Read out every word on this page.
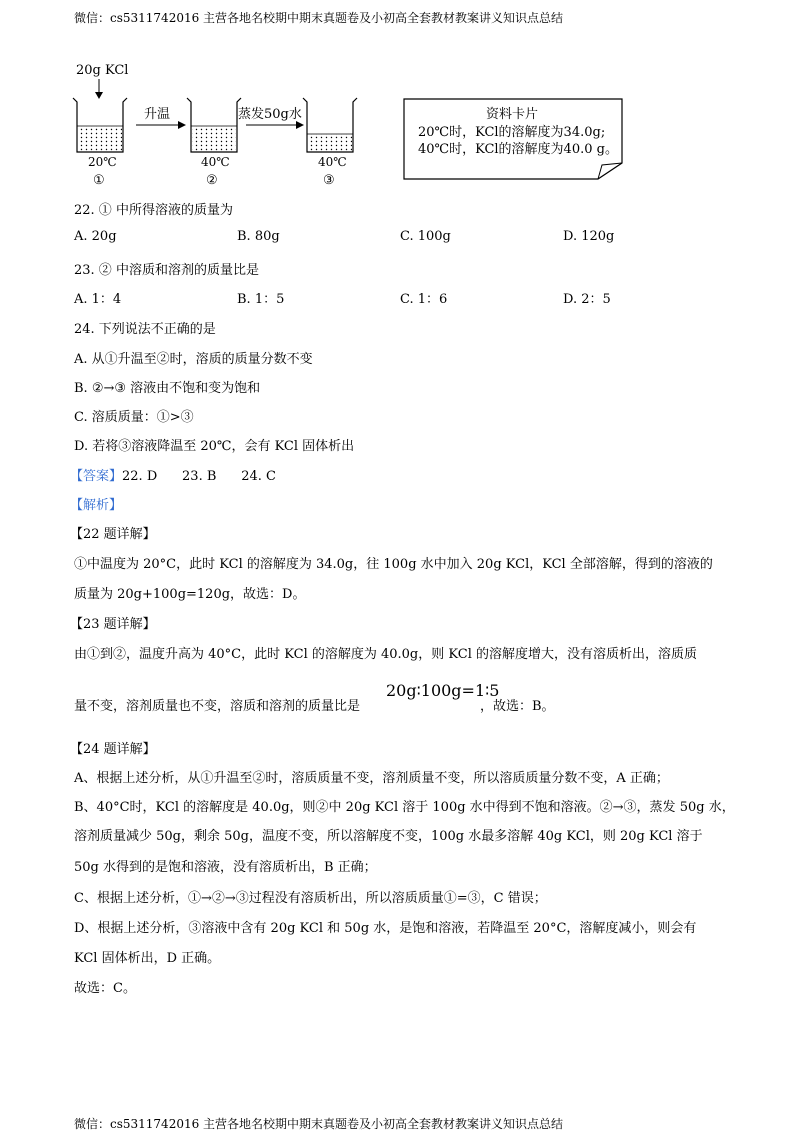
微信：cs5311742016 主营各地名校期中期末真题卷及小初高全套教材教案讲义知识点总结
20g KCl
升温	蒸发50g水
20℃
①
40℃
②
40℃
③
资料卡片
20℃时，KCl的溶解度为34.0g;
40℃时，KCl的溶解度为40.0 g。
22. ① 中所得溶液的质量为
A. 20g	B. 80g	C. 100g	D. 120g
23. ② 中溶质和溶剂的质量比是
A. 1：4	B. 1：5	C. 1：6	D. 2：5
24. 下列说法不正确的是
A. 从①升温至②时，溶质的质量分数不变
B. ②→③ 溶液由不饱和变为饱和
C. 溶质质量：①>③
D. 若将③溶液降温至 20℃，会有 KCl 固体析出
【答案】22. D      23. B      24. C
【解析】
【22 题详解】
①中温度为 20°C，此时 KCl 的溶解度为 34.0g，往 100g 水中加入 20g KCl，KCl 全部溶解，得到的溶液的
质量为 20g+100g=120g，故选：D。
【23 题详解】
由①到②，温度升高为 40°C，此时 KCl 的溶解度为 40.0g，则 KCl 的溶解度增大，没有溶质析出，溶质质
量不变，溶剂质量也不变，溶质和溶剂的质量比是
20g∶100g=1∶5
，故选：B。
【24 题详解】
A、根据上述分析，从①升温至②时，溶质质量不变，溶剂质量不变，所以溶质质量分数不变，A 正确；
B、40°C时，KCl 的溶解度是 40.0g，则②中 20g KCl 溶于 100g 水中得到不饱和溶液。②→③，蒸发 50g 水，
溶剂质量减少 50g，剩余 50g，温度不变，所以溶解度不变，100g 水最多溶解 40g KCl，则 20g KCl 溶于
50g 水得到的是饱和溶液，没有溶质析出，B 正确；
C、根据上述分析，①→②→③过程没有溶质析出，所以溶质质量①=③，C 错误；
D、根据上述分析，③溶液中含有 20g KCl 和 50g 水，是饱和溶液，若降温至 20°C，溶解度减小，则会有
KCl 固体析出，D 正确。
故选：C。
微信：cs5311742016 主营各地名校期中期末真题卷及小初高全套教材教案讲义知识点总结
